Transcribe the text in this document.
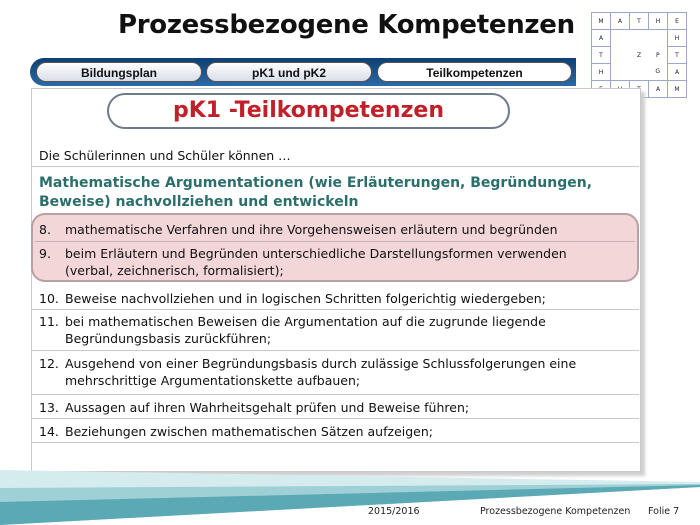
Prozessbezogene Kompetenzen	M	A	T	H	E
A				H
T		Z	P	T
H			G	A
			A	M
Bildungsplan	pK1 und pK2	Teilkompetenzen
pK1 -Teilkompetenzen
Die Schülerinnen und Schüler können …
Mathematische Argumentationen (wie Erläuterungen, Begründungen, Beweise) nachvollziehen und entwickeln
8. mathematische Verfahren und ihre Vorgehensweisen erläutern und begründen
9. beim Erläutern und Begründen unterschiedliche Darstellungsformen verwenden (verbal, zeichnerisch, formalisiert);
10. Beweise nachvollziehen und in logischen Schritten folgerichtig wiedergeben;
11. bei mathematischen Beweisen die Argumentation auf die zugrunde liegende Begründungsbasis zurückführen;
12. Ausgehend von einer Begründungsbasis durch zulässige Schlussfolgerungen eine mehrschrittige Argumentationskette aufbauen;
13. Aussagen auf ihren Wahrheitsgehalt prüfen und Beweise führen;
14. Beziehungen zwischen mathematischen Sätzen aufzeigen;
2015/2016	Prozessbezogene Kompetenzen Folie 7
